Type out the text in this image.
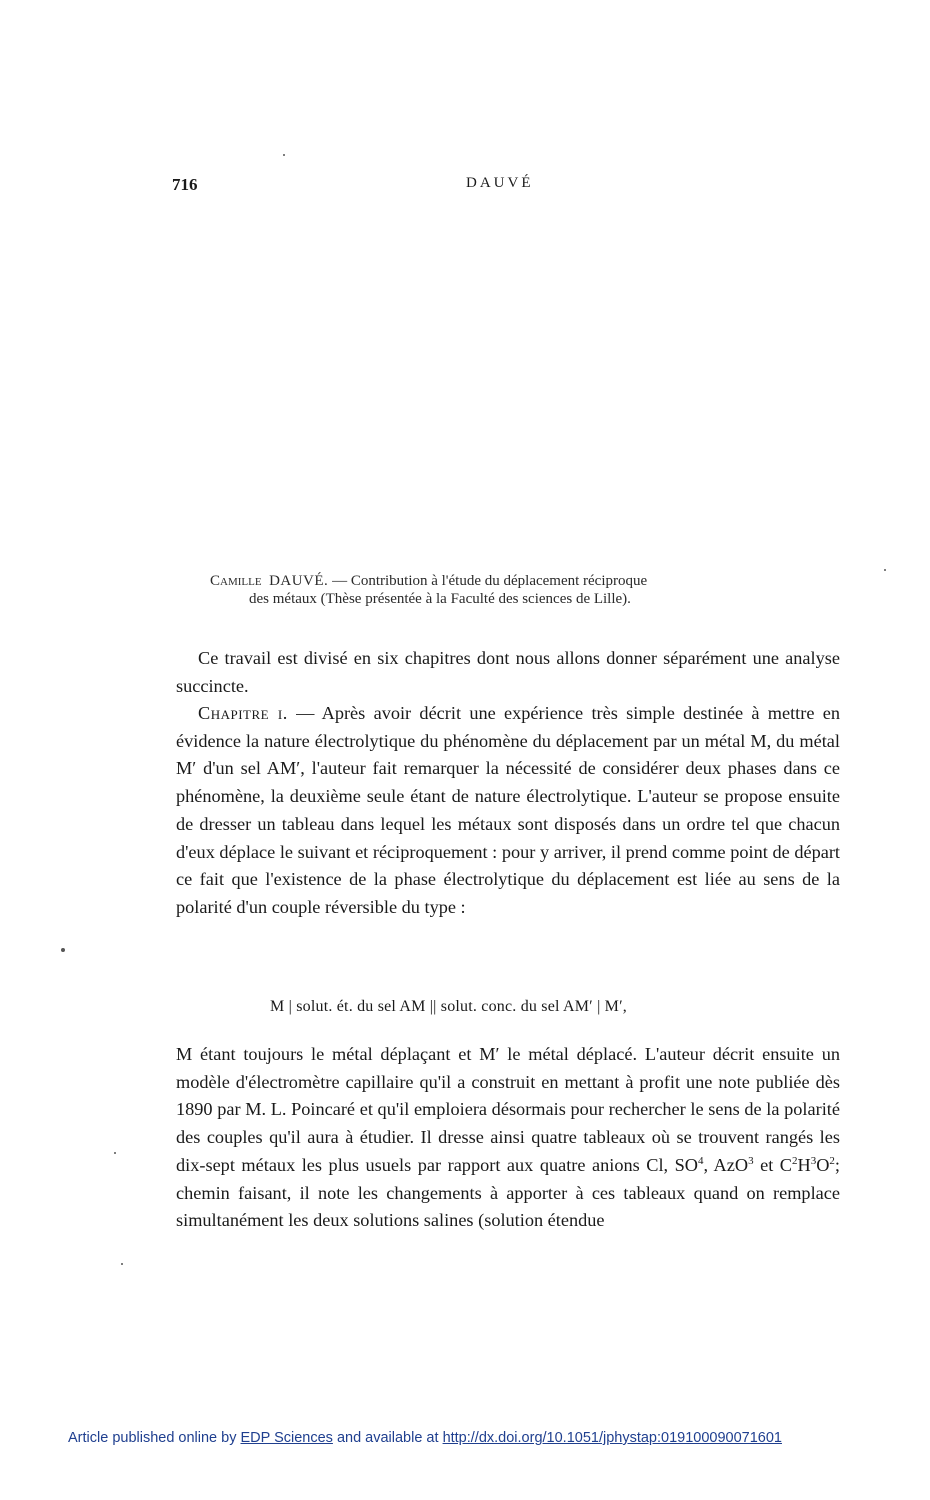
716	DAUVÉ
Camille DAUVÉ. — Contribution à l'étude du déplacement réciproque
des métaux (Thèse présentée à la Faculté des sciences de Lille).

Ce travail est divisé en six chapitres dont nous allons donner séparément une analyse succincte.

Chapitre i. — Après avoir décrit une expérience très simple destinée à mettre en évidence la nature électrolytique du phénomène du déplacement par un métal M, du métal M′ d'un sel AM′, l'auteur fait remarquer la nécessité de considérer deux phases dans ce phénomène, la deuxième seule étant de nature électrolytique. L'auteur se propose ensuite de dresser un tableau dans lequel les métaux sont disposés dans un ordre tel que chacun d'eux déplace le suivant et réciproquement : pour y arriver, il prend comme point de départ ce fait que l'existence de la phase électrolytique du déplacement est liée au sens de la polarité d'un couple réversible du type :

M | solut. ét. du sel AM || solut. conc. du sel AM′ | M′,

M étant toujours le métal déplaçant et M′ le métal déplacé. L'auteur décrit ensuite un modèle d'électromètre capillaire qu'il a construit en mettant à profit une note publiée dès 1890 par M. L. Poincaré et qu'il emploiera désormais pour rechercher le sens de la polarité des couples qu'il aura à étudier. Il dresse ainsi quatre tableaux où se trouvent rangés les dix-sept métaux les plus usuels par rapport aux quatre anions Cl, $SO^4$, AzO$^3$ et $C^2H^3O^2$; chemin faisant, il note les changements à apporter à ces tableaux quand on remplace simultanément les deux solutions salines (solution étendue

Article published online by EDP Sciences and available at http://dx.doi.org/10.1051/jphystap:019100090071601
